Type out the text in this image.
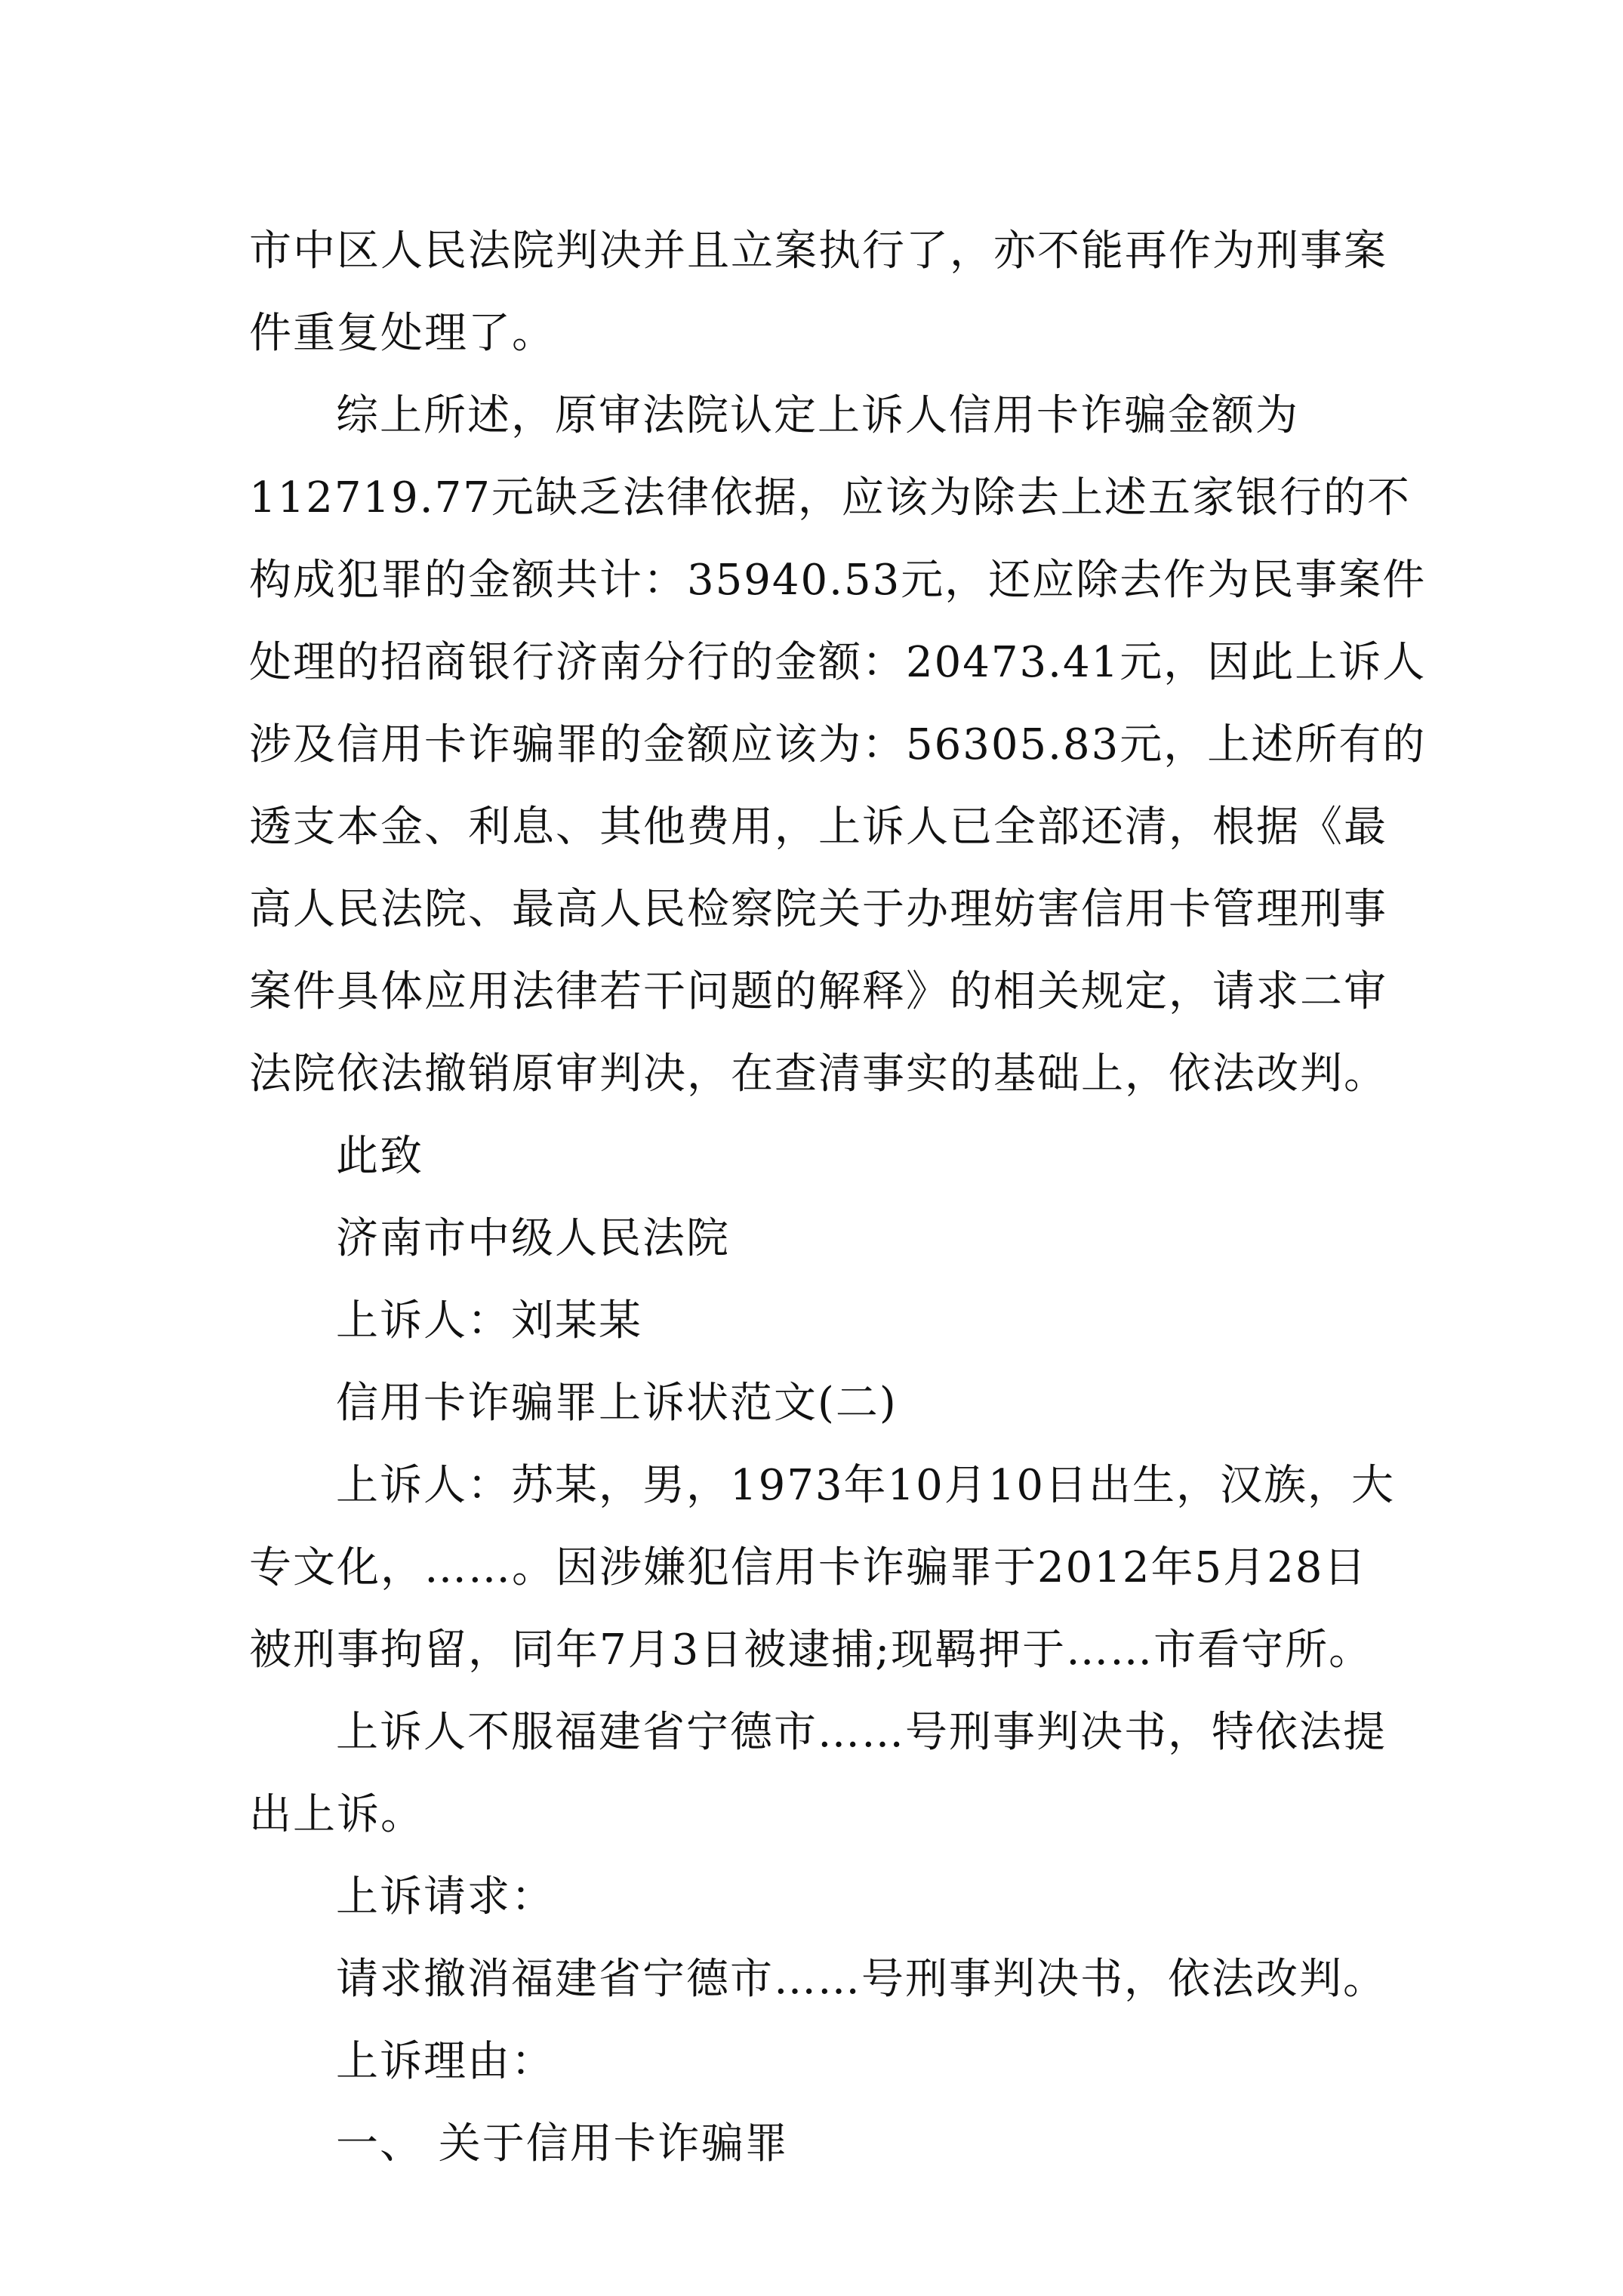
市中区人民法院判决并且立案执行了，亦不能再作为刑事案
件重复处理了。
综上所述，原审法院认定上诉人信用卡诈骗金额为
112719.77元缺乏法律依据，应该为除去上述五家银行的不
构成犯罪的金额共计：35940.53元，还应除去作为民事案件
处理的招商银行济南分行的金额：20473.41元，因此上诉人
涉及信用卡诈骗罪的金额应该为：56305.83元，上述所有的
透支本金、利息、其他费用，上诉人已全部还清，根据《最
高人民法院、最高人民检察院关于办理妨害信用卡管理刑事
案件具体应用法律若干问题的解释》的相关规定，请求二审
法院依法撤销原审判决，在查清事实的基础上，依法改判。
此致
济南市中级人民法院
上诉人：刘某某
信用卡诈骗罪上诉状范文(二)
上诉人：苏某，男，1973年10月10日出生，汉族，大
专文化，……。因涉嫌犯信用卡诈骗罪于2012年5月28日
被刑事拘留，同年7月3日被逮捕;现羁押于……市看守所。
上诉人不服福建省宁德市……号刑事判决书，特依法提
出上诉。
上诉请求：
请求撤消福建省宁德市……号刑事判决书，依法改判。
上诉理由：
一、 关于信用卡诈骗罪
